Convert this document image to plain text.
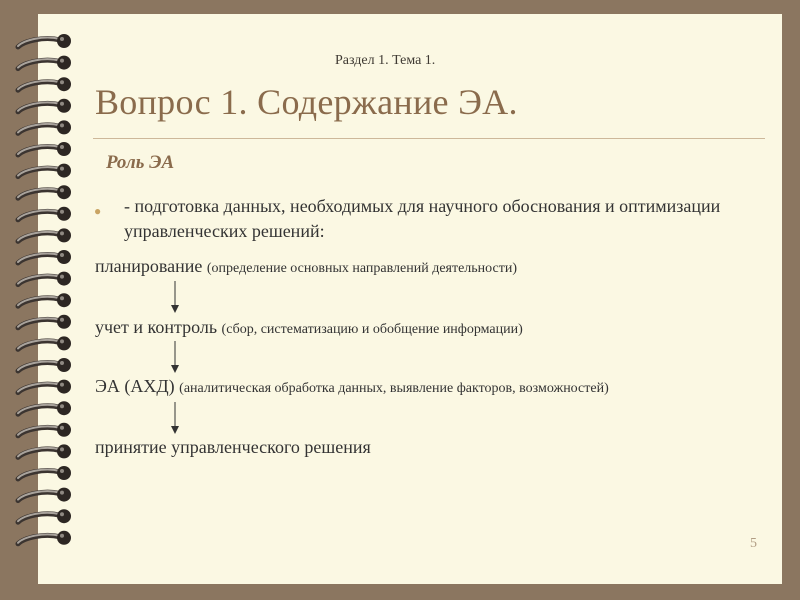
Раздел 1. Тема 1.
Вопрос 1. Содержание ЭА.
Роль ЭА
● - подготовка данных, необходимых для научного обоснования и оптимизации управленческих решений:
планирование (определение основных направлений деятельности)
учет и контроль (сбор, систематизацию и обобщение информации)
ЭА (АХД) (аналитическая обработка данных, выявление факторов, возможностей)
принятие управленческого решения
5
